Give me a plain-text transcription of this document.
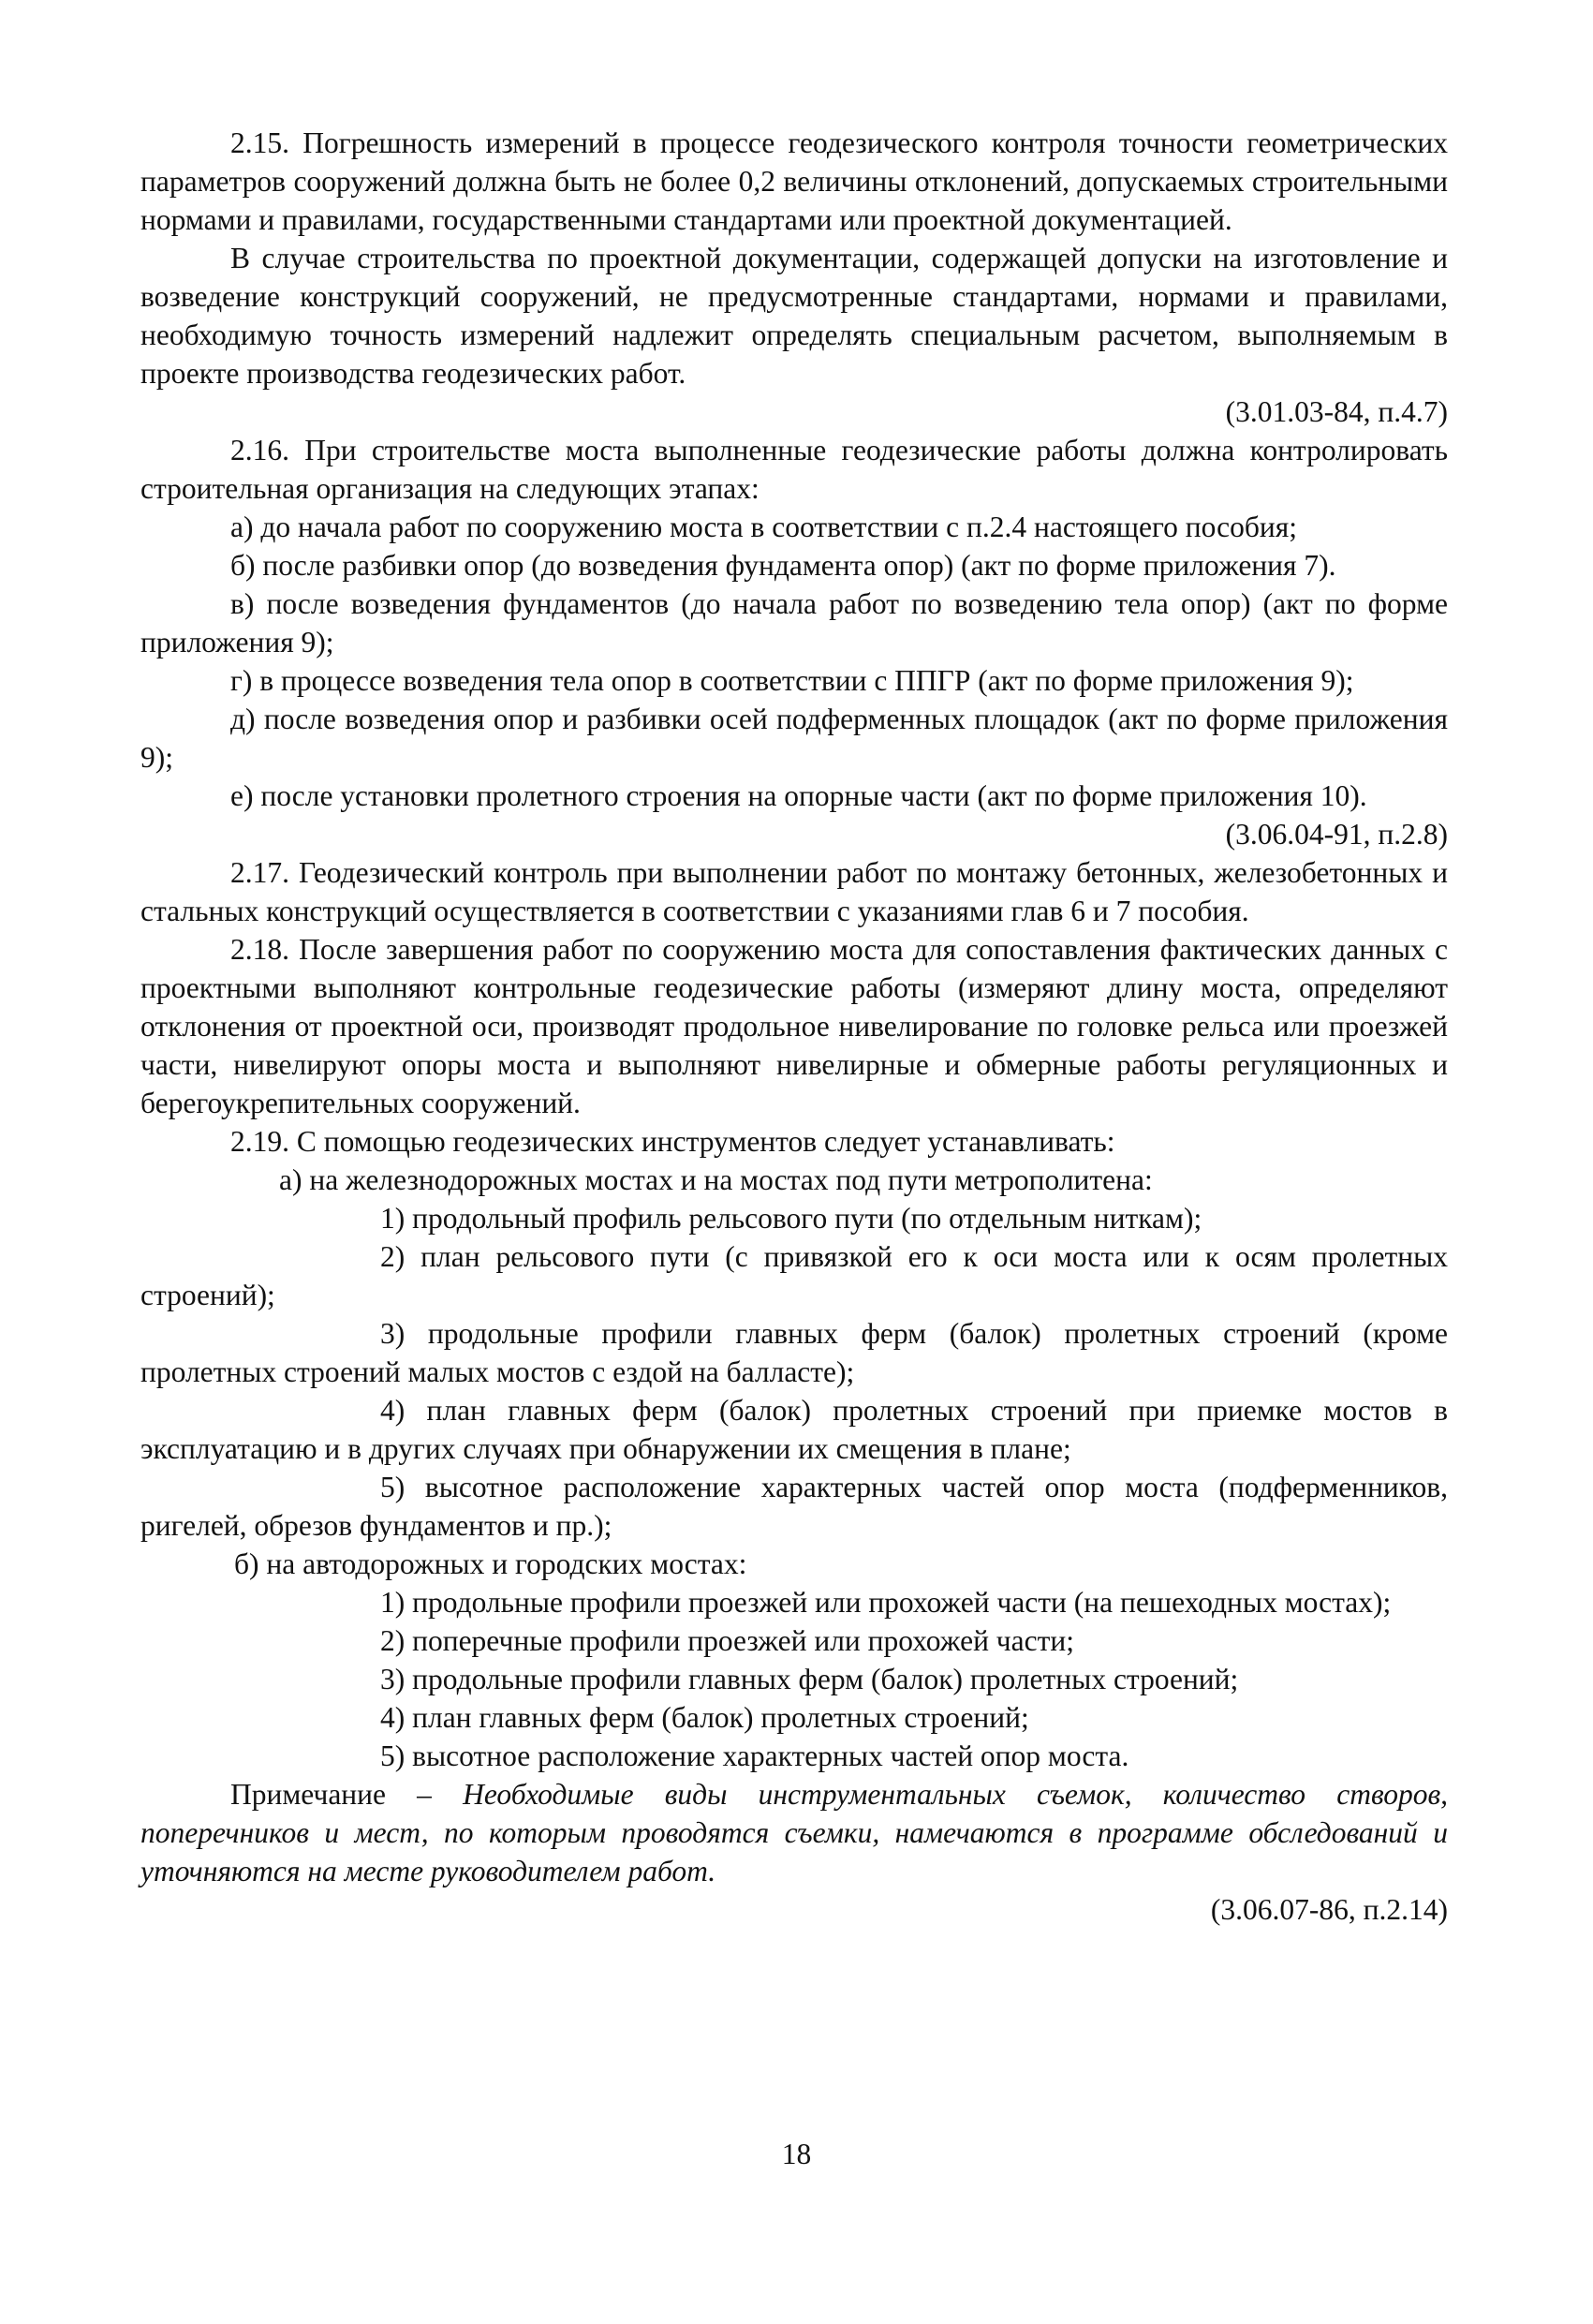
2.15. Погрешность измерений в процессе геодезического контроля точности геометрических параметров сооружений должна быть не более 0,2 величины отклонений, допускаемых строительными нормами и правилами, государственными стандартами или проектной документацией.

В случае строительства по проектной документации, содержащей допуски на изготовление и возведение конструкций сооружений, не предусмотренные стандартами, нормами и правилами, необходимую точность измерений надлежит определять специальным расчетом, выполняемым в проекте производства геодезических работ.

(3.01.03-84, п.4.7)

2.16. При строительстве моста выполненные геодезические работы должна контролировать строительная организация на следующих этапах:

а) до начала работ по сооружению моста в соответствии с п.2.4 настоящего пособия;

б) после разбивки опор (до возведения фундамента опор) (акт по форме приложения 7).

в) после возведения фундаментов (до начала работ по возведению тела опор) (акт по форме приложения 9);

г) в процессе возведения тела опор в соответствии с ППГР (акт по форме приложения 9);

д) после возведения опор и разбивки осей подферменных площадок (акт по форме приложения 9);

е) после установки пролетного строения на опорные части (акт по форме приложения 10).

(3.06.04-91, п.2.8)

2.17. Геодезический контроль при выполнении работ по монтажу бетонных, железобетонных и стальных конструкций осуществляется в соответствии с указаниями глав 6 и 7 пособия.

2.18. После завершения работ по сооружению моста для сопоставления фактических данных с проектными выполняют контрольные геодезические работы (измеряют длину моста, определяют отклонения от проектной оси, производят продольное нивелирование по головке рельса или проезжей части, нивелируют опоры моста и выполняют нивелирные и обмерные работы регуляционных и берегоукрепительных сооружений.

2.19. С помощью геодезических инструментов следует устанавливать:

а) на железнодорожных мостах и на мостах под пути метрополитена:

1) продольный профиль рельсового пути (по отдельным ниткам);

2) план рельсового пути (с привязкой его к оси моста или к осям пролетных строений);

3) продольные профили главных ферм (балок) пролетных строений (кроме пролетных строений малых мостов с ездой на балласте);

4) план главных ферм (балок) пролетных строений при приемке мостов в эксплуатацию и в других случаях при обнаружении их смещения в плане;

5) высотное расположение характерных частей опор моста (подферменников, ригелей, обрезов фундаментов и пр.);

б) на автодорожных и городских мостах:

1) продольные профили проезжей или прохожей части (на пешеходных мостах);

2) поперечные профили проезжей или прохожей части;

3) продольные профили главных ферм (балок) пролетных строений;

4) план главных ферм (балок) пролетных строений;

5) высотное расположение характерных частей опор моста.

Примечание – Необходимые виды инструментальных съемок, количество створов, поперечников и мест, по которым проводятся съемки, намечаются в программе обследований и уточняются на месте руководителем работ.

(3.06.07-86, п.2.14)

18
